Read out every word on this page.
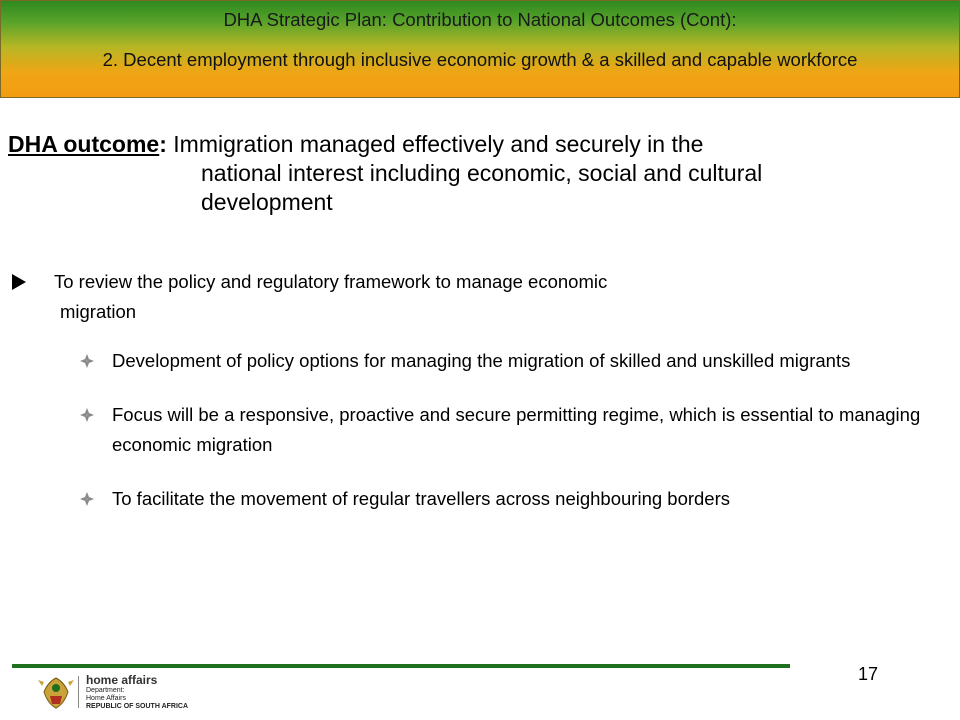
DHA Strategic Plan: Contribution to National Outcomes (Cont):
2. Decent employment through inclusive economic growth & a skilled and capable workforce
DHA outcome: Immigration managed effectively and securely in the
national interest including economic, social and cultural
development
To review the policy and regulatory framework to manage economic
migration
Development of policy options for managing the migration of skilled and unskilled migrants
Focus will be a responsive, proactive and secure permitting regime, which is essential to managing economic migration
To facilitate the movement of regular travellers across neighbouring borders
17
home affairs
Department:
Home Affairs
REPUBLIC OF SOUTH AFRICA
